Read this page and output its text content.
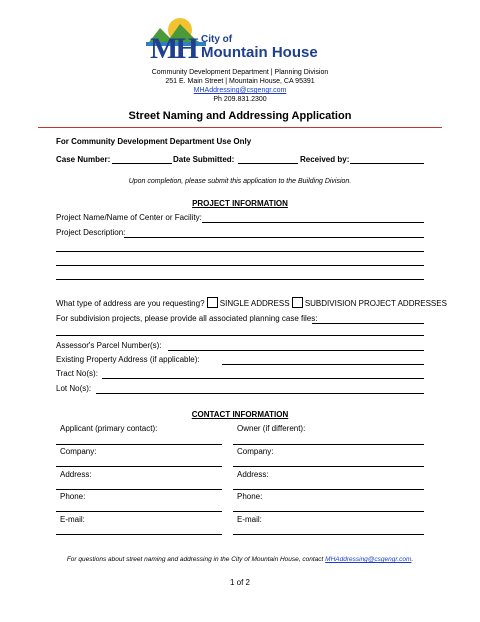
MH City of
Mountain House
Community Development Department | Planning Division
251 E. Main Street | Mountain House, CA 95391
MHAddressing@csgengr.com
Ph 209.831.2300
Street Naming and Addressing Application
For Community Development Department Use Only
Case Number:	Date Submitted:	Received by:
Upon completion, please submit this application to the Building Division.
PROJECT INFORMATION
Project Name/Name of Center or Facility:
Project Description:
What type of address are you requesting? SINGLE ADDRESS SUBDIVISION PROJECT ADDRESSES
For subdivision projects, please provide all associated planning case files:
Assessor's Parcel Number(s):
Existing Property Address (if applicable):
Tract No(s):
Lot No(s):
CONTACT INFORMATION
Applicant (primary contact):	Owner (if different):
Company:	Company:
Address:	Address:
Phone:	Phone:
E-mail:	E-mail:
For questions about street naming and addressing in the City of Mountain House, contact MHAddressing@csgengr.com.
1 of 2
